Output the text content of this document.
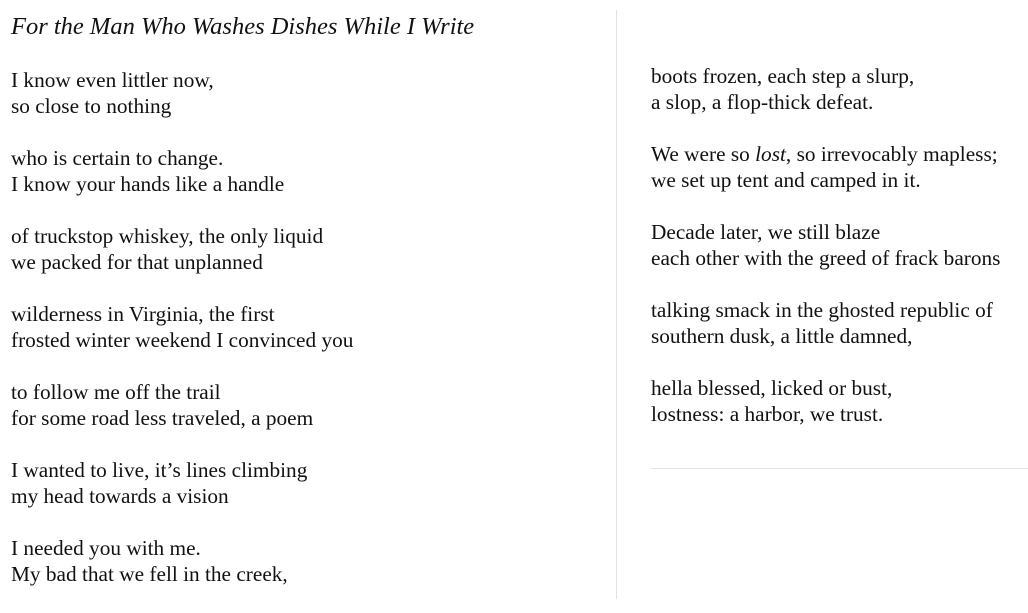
For the Man Who Washes Dishes While I Write
I know even littler now,
so close to nothing
who is certain to change.
I know your hands like a handle
of truckstop whiskey, the only liquid
we packed for that unplanned
wilderness in Virginia, the first
frosted winter weekend I convinced you
to follow me off the trail
for some road less traveled, a poem
I wanted to live, it’s lines climbing
my head towards a vision
I needed you with me.
My bad that we fell in the creek,
boots frozen, each step a slurp,
a slop, a flop-thick defeat.
We were so lost, so irrevocably mapless;
we set up tent and camped in it.
Decade later, we still blaze
each other with the greed of frack barons
talking smack in the ghosted republic of
southern dusk, a little damned,
hella blessed, licked or bust,
lostness: a harbor, we trust.
